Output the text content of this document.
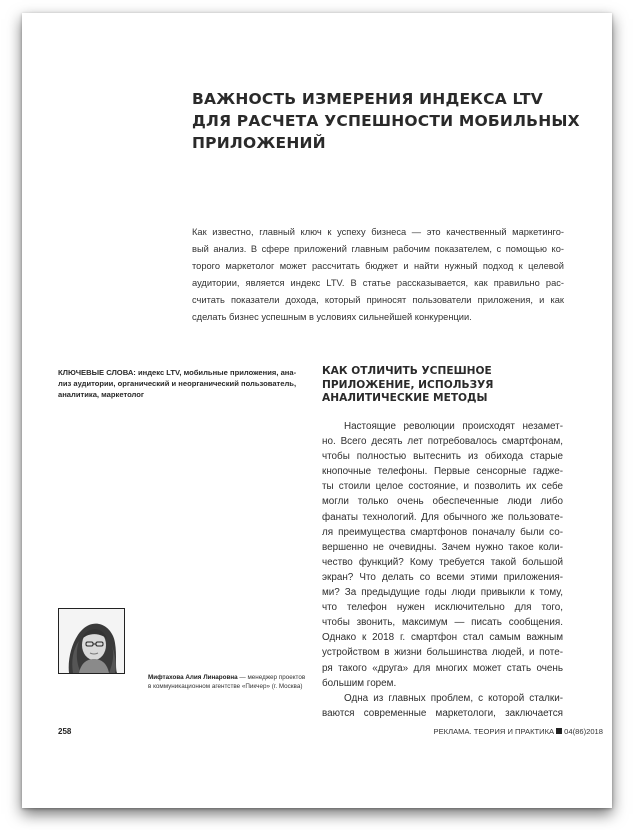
ВАЖНОСТЬ ИЗМЕРЕНИЯ ИНДЕКСА LTV
ДЛЯ РАСЧЕТА УСПЕШНОСТИ МОБИЛЬНЫХ
ПРИЛОЖЕНИЙ

Как известно, главный ключ к успеху бизнеса — это качественный маркетинго-
вый анализ. В сфере приложений главным рабочим показателем, с помощью ко-
торого маркетолог может рассчитать бюджет и найти нужный подход к целевой
аудитории, является индекс LTV. В статье рассказывается, как правильно рас-
считать показатели дохода, который приносят пользователи приложения, и как
сделать бизнес успешным в условиях сильнейшей конкуренции.

КЛЮЧЕВЫЕ СЛОВА: индекс LTV, мобильные приложения, ана-
лиз аудитории, органический и неорганический пользователь,
аналитика, маркетолог

КАК ОТЛИЧИТЬ УСПЕШНОЕ
ПРИЛОЖЕНИЕ, ИСПОЛЬЗУЯ
АНАЛИТИЧЕСКИЕ МЕТОДЫ
Настоящие революции происходят незамет-
но. Всего десять лет потребовалось смартфонам,
чтобы полностью вытеснить из обихода старые
кнопочные телефоны. Первые сенсорные гадже-
ты стоили целое состояние, и позволить их себе
могли только очень обеспеченные люди либо
фанаты технологий. Для обычного же пользовате-
ля преимущества смартфонов поначалу были со-
вершенно не очевидны. Зачем нужно такое коли-
чество функций? Кому требуется такой большой
экран? Что делать со всеми этими приложения-
ми? За предыдущие годы люди привыкли к тому,
что телефон нужен исключительно для того,
чтобы звонить, максимум — писать сообщения.
Однако к 2018 г. смартфон стал самым важным
устройством в жизни большинства людей, и поте-
ря такого «друга» для многих может стать очень
большим горем.
Одна из главных проблем, с которой сталки-
ваются современные маркетологи, заключается

Мифтахова Алия Линаровна — менеджер проектов
в коммуникационном агентстве «Пикчер» (г. Москва)

258	РЕКЛАМА. ТЕОРИЯ И ПРАКТИКА 04(86)2018
